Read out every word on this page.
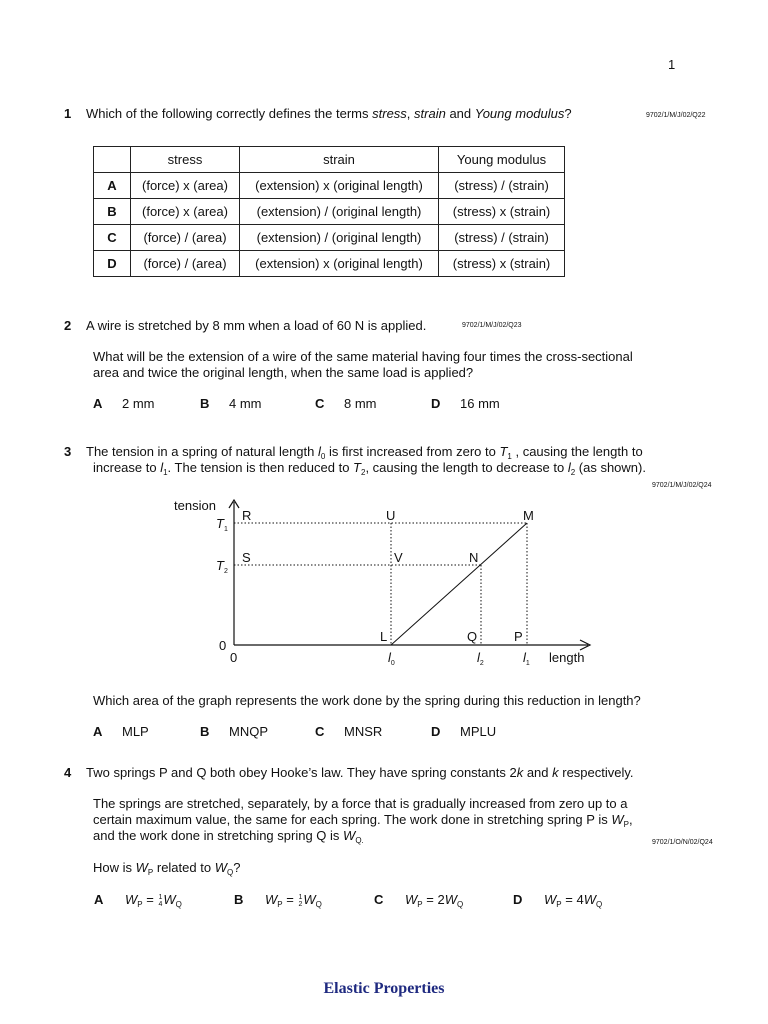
1
1 Which of the following correctly defines the terms stress, strain and Young modulus?	9702/1/M/J/02/Q22
	stress	strain	Young modulus
A	(force) x (area)	(extension) x (original length)	(stress) / (strain)
B	(force) x (area)	(extension) / (original length)	(stress) x (strain)
C	(force) / (area)	(extension) / (original length)	(stress) / (strain)
D	(force) / (area)	(extension) x (original length)	(stress) x (strain)
2 A wire is stretched by 8 mm when a load of 60 N is applied.	9702/1/M/J/02/Q23
What will be the extension of a wire of the same material having four times the cross-sectional
area and twice the original length, when the same load is applied?
A 2 mm	B 4 mm	C 8 mm	D 16 mm
3 The tension in a spring of natural length $l_0$ is first increased from zero to $T_1$ , causing the length to
increase to $l_1$. The tension is then reduced to $T_2$, causing the length to decrease to $l_2$ (as shown).
9702/1/M/J/02/Q24
tension
length
0
0
$T_1$
$T_2$
$l_0$	$l_2$	$l_1$
R	U	M
S	V	N
L	Q	P
Which area of the graph represents the work done by the spring during this reduction in length?
A MLP	B MNQP	C MNSR	D MPLU
4 Two springs P and Q both obey Hooke’s law. They have spring constants 2k and k respectively.
The springs are stretched, separately, by a force that is gradually increased from zero up to a
certain maximum value, the same for each spring. The work done in stretching spring P is $W_P$,
and the work done in stretching spring Q is $W_{Q.}$	9702/1/O/N/02/Q24
How is $W_P$ related to $W_Q$?
A $W_P = 1$
4 $W_Q$	B $W_P = 1$
2 $W_Q$	C $W_P = 2W_Q$	D $W_P = 4W_Q$
Elastic Properties
